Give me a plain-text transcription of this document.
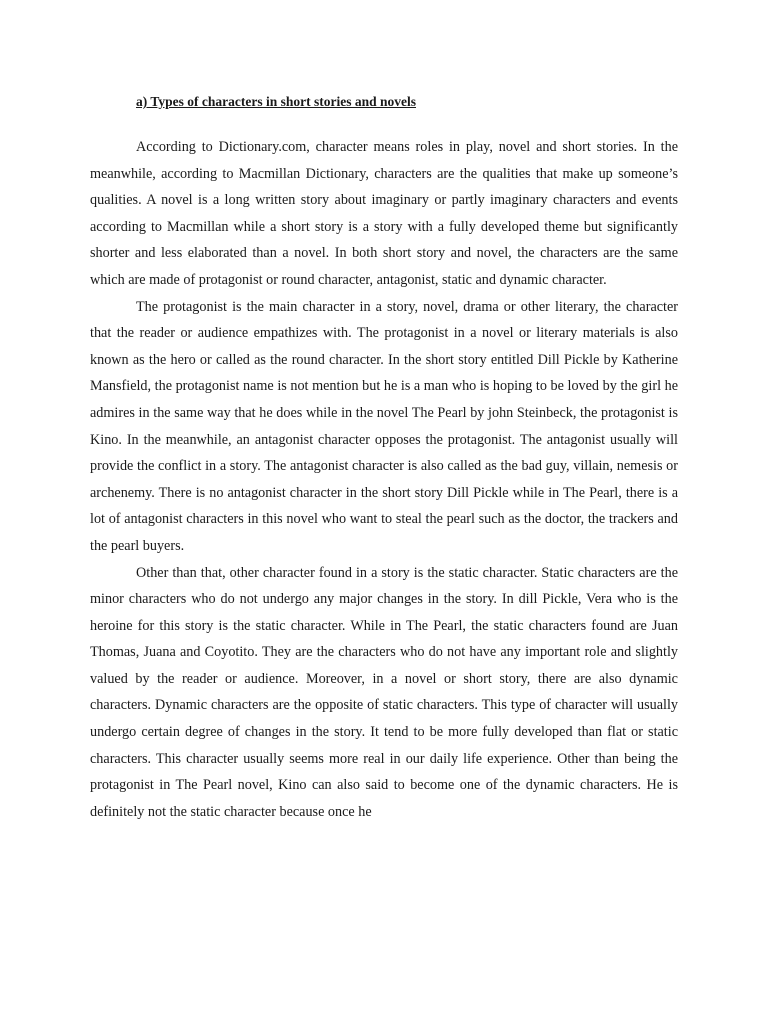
a) Types of characters in short stories and novels

According to Dictionary.com, character means roles in play, novel and short stories. In the meanwhile, according to Macmillan Dictionary, characters are the qualities that make up someone’s qualities. A novel is a long written story about imaginary or partly imaginary characters and events according to Macmillan while a short story is a story with a fully developed theme but significantly shorter and less elaborated than a novel. In both short story and novel, the characters are the same which are made of protagonist or round character, antagonist, static and dynamic character.

The protagonist is the main character in a story, novel, drama or other literary, the character that the reader or audience empathizes with. The protagonist in a novel or literary materials is also known as the hero or called as the round character. In the short story entitled Dill Pickle by Katherine Mansfield, the protagonist name is not mention but he is a man who is hoping to be loved by the girl he admires in the same way that he does while in the novel The Pearl by john Steinbeck, the protagonist is Kino. In the meanwhile, an antagonist character opposes the protagonist. The antagonist usually will provide the conflict in a story. The antagonist character is also called as the bad guy, villain, nemesis or archenemy. There is no antagonist character in the short story Dill Pickle while in The Pearl, there is a lot of antagonist characters in this novel who want to steal the pearl such as the doctor, the trackers and the pearl buyers.

Other than that, other character found in a story is the static character. Static characters are the minor characters who do not undergo any major changes in the story. In dill Pickle, Vera who is the heroine for this story is the static character. While in The Pearl, the static characters found are Juan Thomas, Juana and Coyotito. They are the characters who do not have any important role and slightly valued by the reader or audience. Moreover, in a novel or short story, there are also dynamic characters. Dynamic characters are the opposite of static characters. This type of character will usually undergo certain degree of changes in the story. It tend to be more fully developed than flat or static characters. This character usually seems more real in our daily life experience. Other than being the protagonist in The Pearl novel, Kino can also said to become one of the dynamic characters. He is definitely not the static character because once he
